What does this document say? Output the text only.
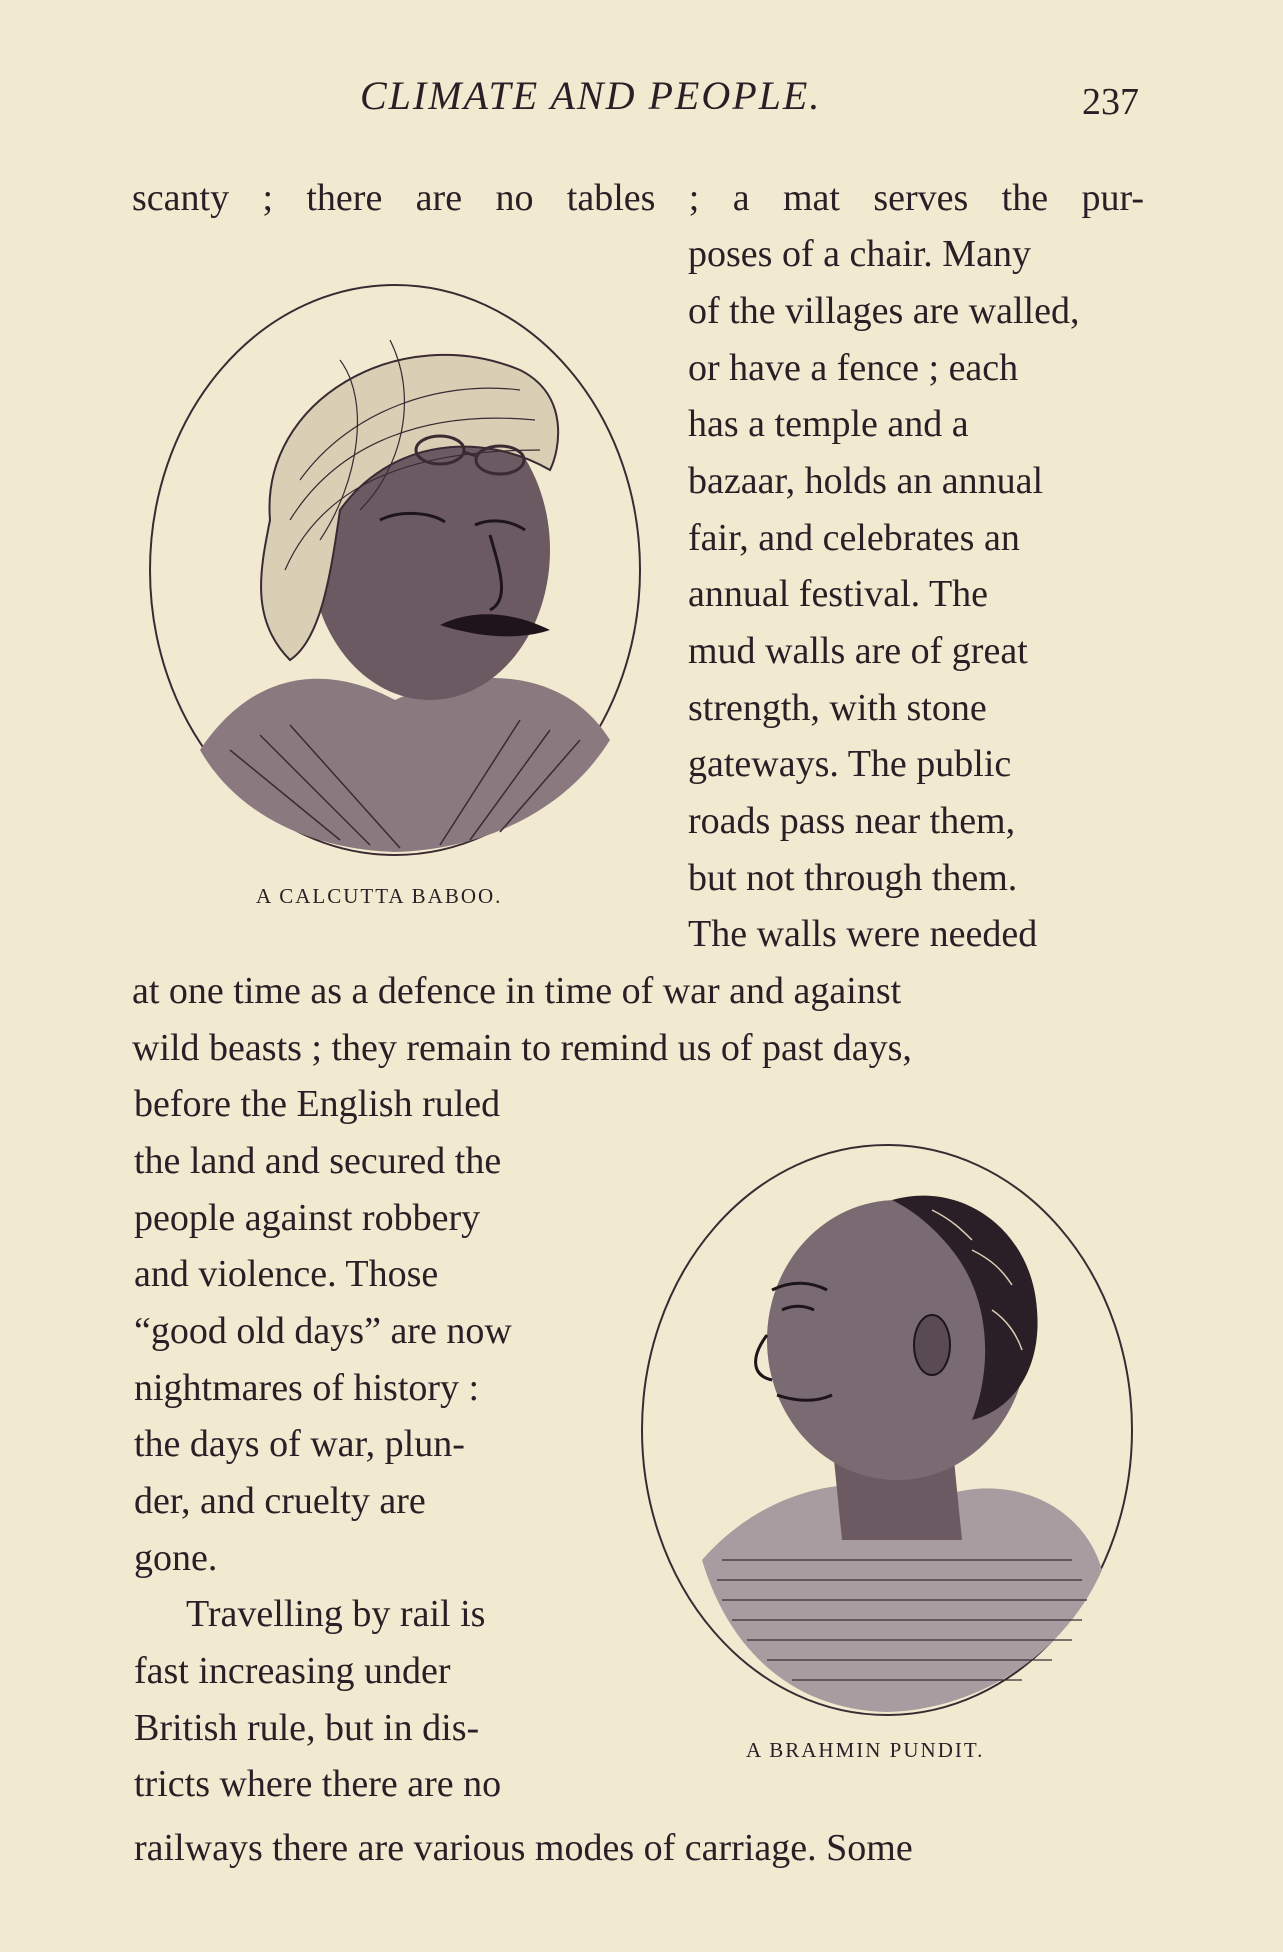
CLIMATE AND PEOPLE.	237
scanty ; there are no tables ; a mat serves the pur-
poses of a chair. Many
of the villages are walled,
or have a fence ; each
has a temple and a
bazaar, holds an annual
fair, and celebrates an
annual festival. The
mud walls are of great
strength, with stone
gateways. The public
roads pass near them,
but not through them.
The walls were needed
at one time as a defence in time of war and against
wild beasts ; they remain to remind us of past days,
before the English ruled
the land and secured the
people against robbery
and violence. Those
“good old days” are now
nightmares of history :
the days of war, plun-
der, and cruelty are
gone.
Travelling by rail is
fast increasing under
British rule, but in dis-
tricts where there are no
railways there are various modes of carriage. Some
A CALCUTTA BABOO.
A BRAHMIN PUNDIT.
